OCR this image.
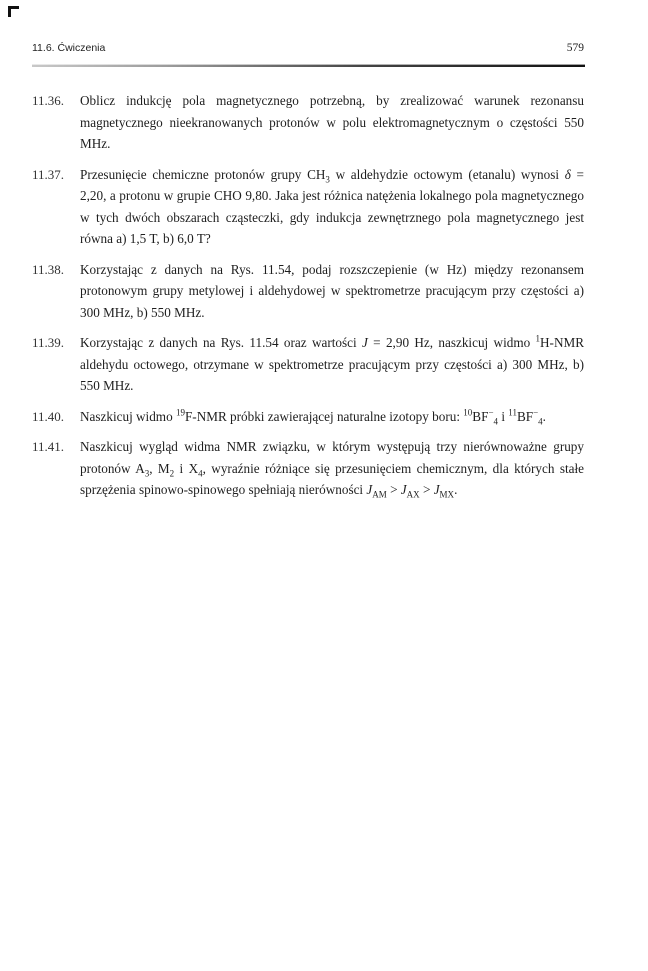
11.6. Ćwiczenia	579
11.36. Oblicz indukcję pola magnetycznego potrzebną, by zrealizować warunek rezonansu magnetycznego nieekranowanych protonów w polu elektromagnetycznym o częstości 550 MHz.
11.37. Przesunięcie chemiczne protonów grupy $CH_3$ w aldehydzie octowym (etanalu) wynosi δ = 2,20, a protonu w grupie CHO 9,80. Jaka jest różnica natężenia lokalnego pola magnetycznego w tych dwóch obszarach cząsteczki, gdy indukcja zewnętrznego pola magnetycznego jest równa a) 1,5 T, b) 6,0 T?
11.38. Korzystając z danych na Rys. 11.54, podaj rozszczepienie (w Hz) między rezonansem protonowym grupy metylowej i aldehydowej w spektrometrze pracującym przy częstości a) 300 MHz, b) 550 MHz.
11.39. Korzystając z danych na Rys. 11.54 oraz wartości J = 2,90 Hz, naszkicuj widmo $^1$H-NMR aldehydu octowego, otrzymane w spektrometrze pracującym przy częstości a) 300 MHz, b) 550 MHz.
11.40. Naszkicuj widmo $^{19}$F-NMR próbki zawierającej naturalne izotopy boru: $^{10}BF^-_4$ i $^{11}BF^-_4$.
11.41. Naszkicuj wygląd widma NMR związku, w którym występują trzy nierównoważne grupy protonów $A_3$, $M_2$ i $X_4$, wyraźnie różniące się przesunięciem chemicznym, dla których stałe sprzężenia spinowo-spinowego spełniają nierówności $J_{AM} > J_{AX} > J_{MX}$.
